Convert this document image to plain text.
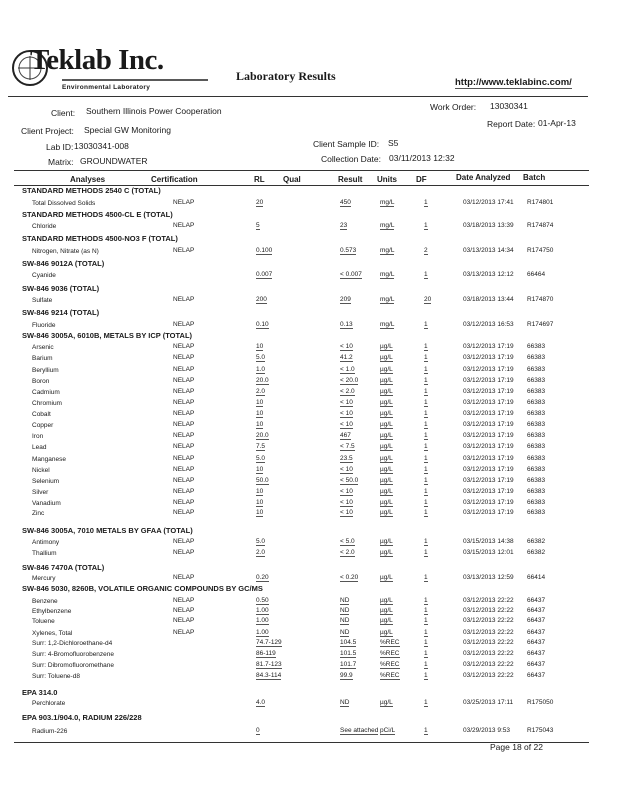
Teklab Inc.
Environmental Laboratory
Laboratory Results	http://www.teklabinc.com/
Client: Southern Illinois Power Cooperation
Client Project: Special GW Monitoring
Lab ID: 13030341-008
Matrix: GROUNDWATER
Work Order: 13030341
Report Date: 01-Apr-13
Client Sample ID: S5
Collection Date: 03/11/2013 12:32
Analyses	Certification	RL Qual	Result Units DF	Date Analyzed Batch
STANDARD METHODS 2540 C (TOTAL)
Total Dissolved Solids	NELAP	20	450	mg/L	1	03/12/2013 17:41 R174801
STANDARD METHODS 4500-CL E (TOTAL)
Chloride	NELAP	5	23	mg/L	1	03/18/2013 13:39 R174874
STANDARD METHODS 4500-NO3 F (TOTAL)
Nitrogen, Nitrate (as N)	NELAP	0.100	0.573	mg/L	2	03/13/2013 14:34 R174750
SW-846 9012A (TOTAL)
Cyanide	0.007	< 0.007	mg/L	1	03/13/2013 12:12 66464
SW-846 9036 (TOTAL)
Sulfate	NELAP	200	209	mg/L	20	03/18/2013 13:44 R174870
SW-846 9214 (TOTAL)
Fluoride	NELAP	0.10	0.13	mg/L	1	03/12/2013 16:53 R174697
SW-846 3005A, 6010B, METALS BY ICP (TOTAL)
Arsenic	NELAP	10	< 10	µg/L	1	03/12/2013 17:19 66383
Barium	NELAP	5.0	41.2	µg/L	1	03/12/2013 17:19 66383
Beryllium	NELAP	1.0	< 1.0	µg/L	1	03/12/2013 17:19 66383
Boron	NELAP	20.0	< 20.0	µg/L	1	03/12/2013 17:19 66383
Cadmium	NELAP	2.0	< 2.0	µg/L	1	03/12/2013 17:19 66383
Chromium	NELAP	10	< 10	µg/L	1	03/12/2013 17:19 66383
Cobalt	NELAP	10	< 10	µg/L	1	03/12/2013 17:19 66383
Copper	NELAP	10	< 10	µg/L	1	03/12/2013 17:19 66383
Iron	NELAP	20.0	467	µg/L	1	03/12/2013 17:19 66383
Lead	NELAP	7.5	< 7.5	µg/L	1	03/12/2013 17:19 66383
Manganese	NELAP	5.0	23.5	µg/L	1	03/12/2013 17:19 66383
Nickel	NELAP	10	< 10	µg/L	1	03/12/2013 17:19 66383
Selenium	NELAP	50.0	< 50.0	µg/L	1	03/12/2013 17:19 66383
Silver	NELAP	10	< 10	µg/L	1	03/12/2013 17:19 66383
Vanadium	NELAP	10	< 10	µg/L	1	03/12/2013 17:19 66383
Zinc	NELAP	10	< 10	µg/L	1	03/12/2013 17:19 66383
SW-846 3005A, 7010 METALS BY GFAA (TOTAL)
Antimony	NELAP	5.0	< 5.0	µg/L	1	03/15/2013 14:38 66382
Thallium	NELAP	2.0	< 2.0	µg/L	1	03/15/2013 12:01 66382
SW-846 7470A (TOTAL)
Mercury	NELAP	0.20	< 0.20	µg/L	1	03/13/2013 12:59 66414
SW-846 5030, 8260B, VOLATILE ORGANIC COMPOUNDS BY GC/MS
Benzene	NELAP	0.50	ND	µg/L	1	03/12/2013 22:22 66437
Ethylbenzene	NELAP	1.00	ND	µg/L	1	03/12/2013 22:22 66437
Toluene	NELAP	1.00	ND	µg/L	1	03/12/2013 22:22 66437
Xylenes, Total	NELAP	1.00	ND	µg/L	1	03/12/2013 22:22 66437
Surr: 1,2-Dichloroethane-d4	74.7-129	104.5	%REC	1	03/12/2013 22:22 66437
Surr: 4-Bromofluorobenzene	86-119	101.5	%REC	1	03/12/2013 22:22 66437
Surr: Dibromofluoromethane	81.7-123	101.7	%REC	1	03/12/2013 22:22 66437
Surr: Toluene-d8	84.3-114	99.9	%REC	1	03/12/2013 22:22 66437
EPA 314.0
Perchlorate	4.0	ND	µg/L	1	03/25/2013 17:11 R175050
EPA 903.1/904.0, RADIUM 226/228
Radium-226	0	See attached pCi/L	1	03/29/2013 9:53	R175043
Page 18 of 22
